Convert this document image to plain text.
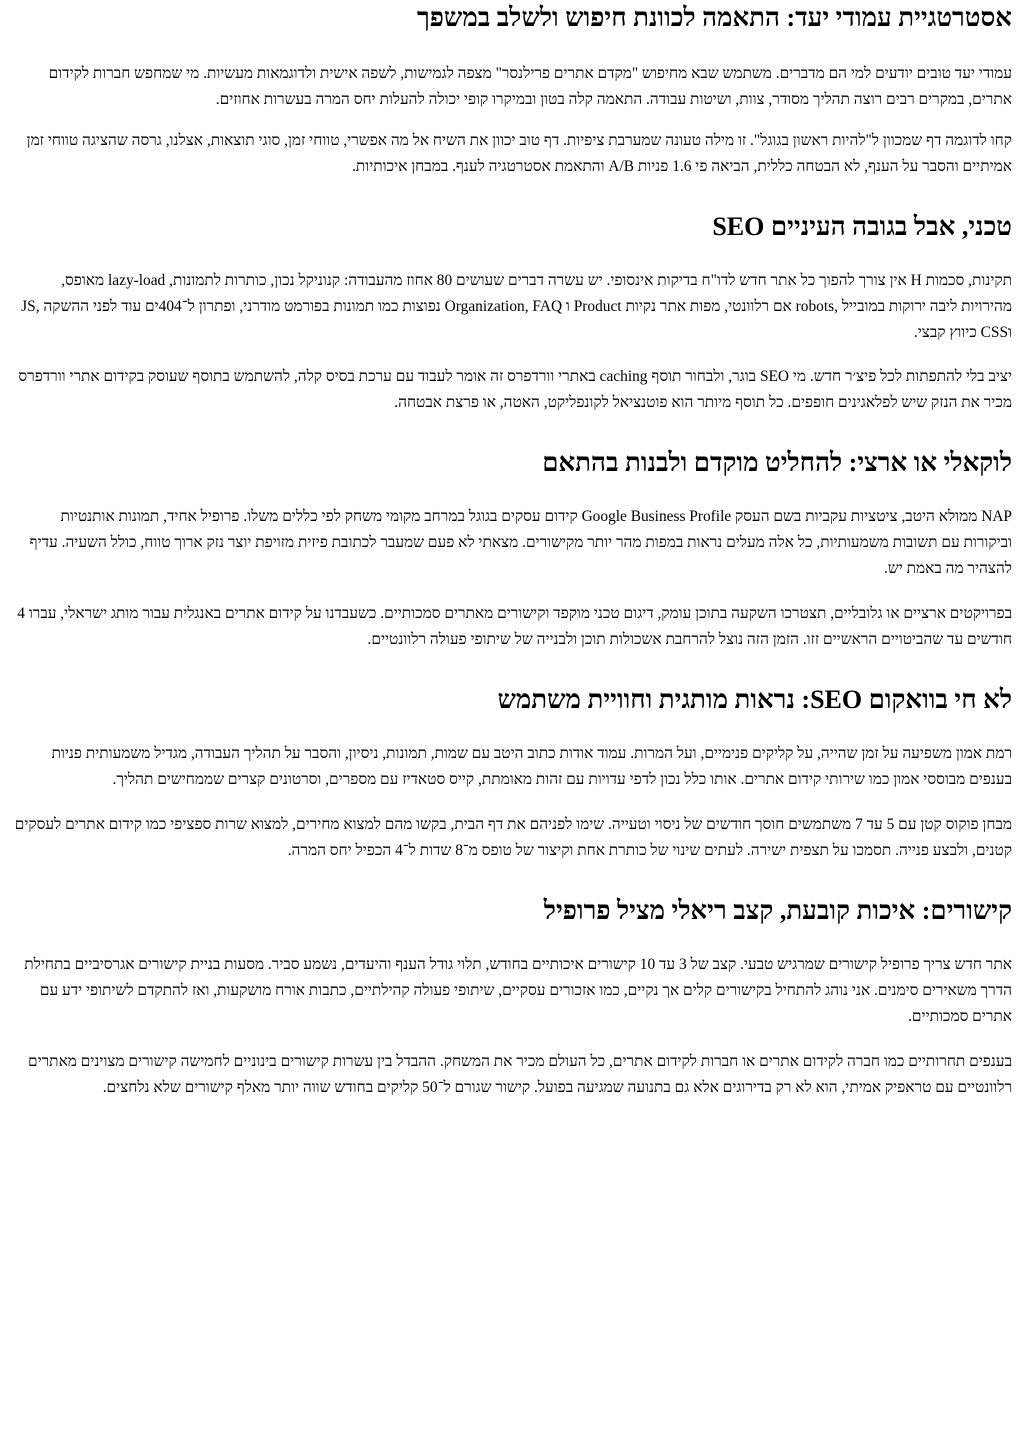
אסטרטגיית עמודי יעד: התאמה לכוונת חיפוש ולשלב במשפך

עמודי יעד טובים יודעים למי הם מדברים. משתמש שבא מחיפוש "מקדם אתרים פרילנסר" מצפה לגמישות, לשפה אישית ולדוגמאות מעשיות. מי שמחפש חברות לקידום אתרים, במקרים רבים רוצה תהליך מסודר, צוות, ושיטות עבודה. התאמה קלה בטון ובמיקרו קופי יכולה להעלות יחס המרה בעשרות אחוזים.

קחו לדוגמה דף שמכוון ל"להיות ראשון בגוגל". זו מילה טעונה שמערבת ציפיות. דף טוב יכוון את השיח אל מה אפשרי, טווחי זמן, סוגי תוצאות, אצלנו, גרסה שהציגה טווחי זמן אמיתיים והסבר על הענף, לא הבטחה כללית, הביאה פי 1.6 פניות A/B והתאמת אסטרטגיה לענף. במבחן איכותיות.

טכני, אבל בגובה העיניים SEO

תקינות, סכמות H אין צורך להפוך כל אתר חדש לדו"ח בדיקות אינסופי. יש עשרה דברים שעושים 80 אחוז מהעבודה: קנוניקל נכון, כותרות לתמונות, lazy-load מאופס, מהירויות ליבה ירוקות במובייל ,robots אם רלוונטי, מפות אתר נקיות Product ו Organization, FAQ נפוצות כמו תמונות בפורמט מודרני, ופתרון ל־404ים עוד לפני ההשקה ,JS וCSS כיווץ קבצי.

יציב בלי להתפתות לכל פיצ׳ר חדש. מי SEO בוגר, ולבחור תוסף caching באתרי וורדפרס זה אומר לעבוד עם ערכת בסיס קלה, להשתמש בתוסף שעוסק בקידום אתרי וורדפרס מכיר את הנזק שיש לפלאגינים חופפים. כל תוסף מיותר הוא פוטנציאל לקונפליקט, האטה, או פרצת אבטחה.

לוקאלי או ארצי: להחליט מוקדם ולבנות בהתאם

NAP ממולא היטב, ציטציות עקביות בשם העסק Google Business Profile קידום עסקים בגוגל במרחב מקומי משחק לפי כללים משלו. פרופיל אחיד, תמונות אותנטיות וביקורות עם תשובות משמעותיות, כל אלה מעלים נראות במפות מהר יותר מקישורים. מצאתי לא פעם שמעבר לכתובת פיזית מזויפת יוצר נזק ארוך טווח, כולל השעיה. עדיף להצהיר מה באמת יש.

בפרויקטים ארציים או גלובליים, תצטרכו השקעה בתוכן עומק, דיגום טכני מוקפד וקישורים מאתרים סמכותיים. כשעבדנו על קידום אתרים באנגלית עבור מותג ישראלי, עברו 4 חודשים עד שהביטויים הראשיים זזו. הזמן הזה נוצל להרחבת אשכולות תוכן ולבנייה של שיתופי פעולה רלוונטיים.

לא חי בוואקום SEO: נראות מותגית וחוויית משתמש

רמת אמון משפיעה על זמן שהייה, על קליקים פנימיים, ועל המרות. עמוד אודות כתוב היטב עם שמות, תמונות, ניסיון, והסבר על תהליך העבודה, מגדיל משמעותית פניות בענפים מבוססי אמון כמו שירותי קידום אתרים. אותו כלל נכון לדפי עדויות עם זהות מאומתת, קייס סטאדיז עם מספרים, וסרטונים קצרים שממחישים תהליך.

מבחן פוקוס קטן עם 5 עד 7 משתמשים חוסך חודשים של ניסוי וטעייה. שימו לפניהם את דף הבית, בקשו מהם למצוא מחירים, למצוא שרות ספציפי כמו קידום אתרים לעסקים קטנים, ולבצע פנייה. תסמכו על תצפית ישירה. לעתים שינוי של כותרת אחת וקיצור של טופס מ־8 שדות ל־4 הכפיל יחס המרה.

קישורים: איכות קובעת, קצב ריאלי מציל פרופיל

אתר חדש צריך פרופיל קישורים שמרגיש טבעי. קצב של 3 עד 10 קישורים איכותיים בחודש, תלוי גודל הענף והיעדים, נשמע סביר. מסעות בניית קישורים אגרסיביים בתחילת הדרך משאירים סימנים. אני נוהג להתחיל בקישורים קלים אך נקיים, כמו אזכורים עסקיים, שיתופי פעולה קהילתיים, כתבות אורח מושקעות, ואז להתקדם לשיתופי ידע עם אתרים סמכותיים.

בענפים תחרותיים כמו חברה לקידום אתרים או חברות לקידום אתרים, כל העולם מכיר את המשחק. ההבדל בין עשרות קישורים בינוניים לחמישה קישורים מצוינים מאתרים רלוונטיים עם טראפיק אמיתי, הוא לא רק בדירוגים אלא גם בתנועה שמגיעה בפועל. קישור שגורם ל־50 קליקים בחודש שווה יותר מאלף קישורים שלא נלחצים.
